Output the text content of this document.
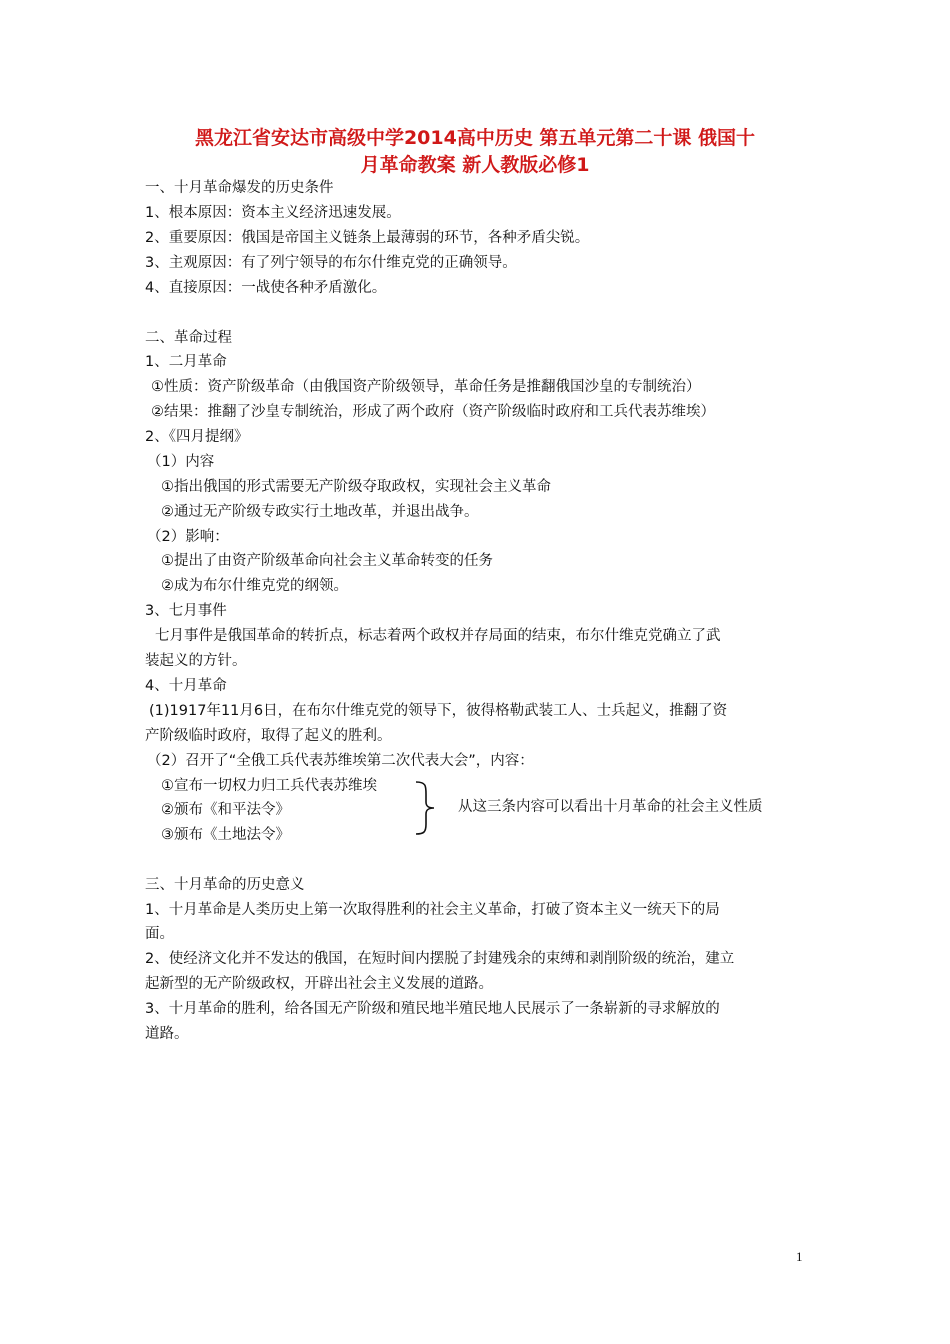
黑龙江省安达市高级中学2014高中历史 第五单元第二十课 俄国十
月革命教案 新人教版必修1
一、十月革命爆发的历史条件
1、根本原因：资本主义经济迅速发展。
2、重要原因：俄国是帝国主义链条上最薄弱的环节，各种矛盾尖锐。
3、主观原因：有了列宁领导的布尔什维克党的正确领导。
4、直接原因：一战使各种矛盾激化。
二、革命过程
1、二月革命
①性质：资产阶级革命（由俄国资产阶级领导，革命任务是推翻俄国沙皇的专制统治）
②结果：推翻了沙皇专制统治，形成了两个政府（资产阶级临时政府和工兵代表苏维埃）
2、《四月提纲》
（1）内容
①指出俄国的形式需要无产阶级夺取政权，实现社会主义革命
②通过无产阶级专政实行土地改革，并退出战争。
（2）影响：
①提出了由资产阶级革命向社会主义革命转变的任务
②成为布尔什维克党的纲领。
3、七月事件
七月事件是俄国革命的转折点，标志着两个政权并存局面的结束，布尔什维克党确立了武
装起义的方针。
4、十月革命
(1)1917年11月6日，在布尔什维克党的领导下，彼得格勒武装工人、士兵起义，推翻了资
产阶级临时政府，取得了起义的胜利。
（2）召开了“全俄工兵代表苏维埃第二次代表大会”，内容：
①宣布一切权力归工兵代表苏维埃
②颁布《和平法令》
③颁布《土地法令》
从这三条内容可以看出十月革命的社会主义性质
三、十月革命的历史意义
1、十月革命是人类历史上第一次取得胜利的社会主义革命，打破了资本主义一统天下的局
面。
2、使经济文化并不发达的俄国，在短时间内摆脱了封建残余的束缚和剥削阶级的统治，建立
起新型的无产阶级政权，开辟出社会主义发展的道路。
3、十月革命的胜利，给各国无产阶级和殖民地半殖民地人民展示了一条崭新的寻求解放的
道路。
1
